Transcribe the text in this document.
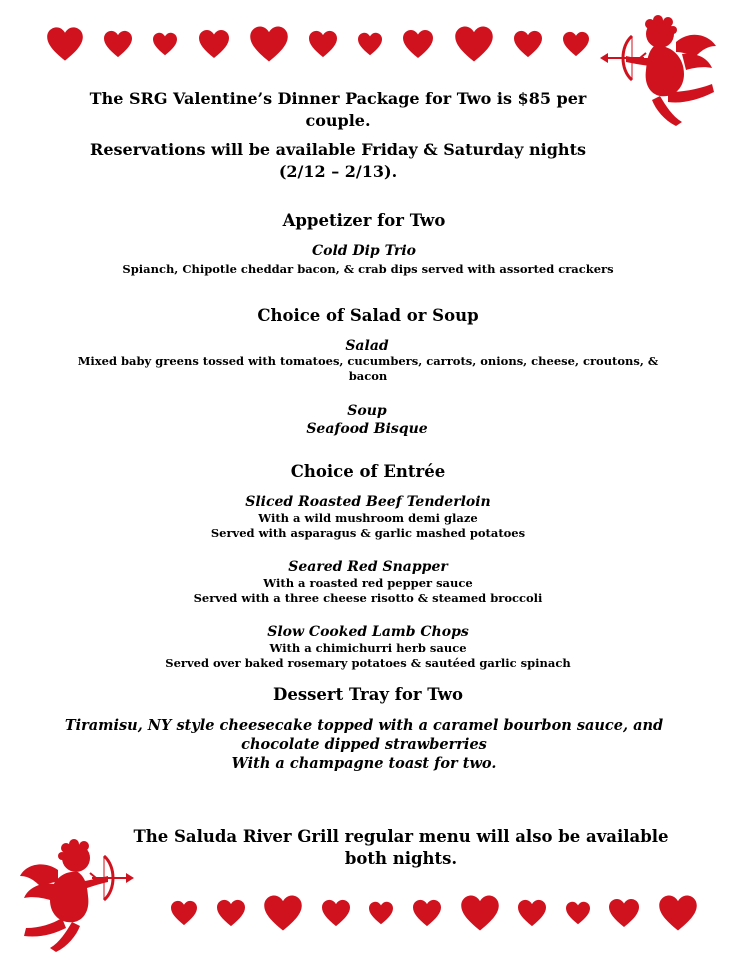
The SRG Valentine’s Dinner Package for Two is $85 per
couple.
Reservations will be available Friday & Saturday nights
(2/12 – 2/13).
Appetizer for Two
Cold Dip Trio
Spianch, Chipotle cheddar bacon, & crab dips served with assorted crackers
Choice of Salad or Soup
Salad
Mixed baby greens tossed with tomatoes, cucumbers, carrots, onions, cheese, croutons, &
bacon
Soup
Seafood Bisque
Choice of Entrée
Sliced Roasted Beef Tenderloin
With a wild mushroom demi glaze
Served with asparagus & garlic mashed potatoes
Seared Red Snapper
With a roasted red pepper sauce
Served with a three cheese risotto & steamed broccoli
Slow Cooked Lamb Chops
With a chimichurri herb sauce
Served over baked rosemary potatoes & sautéed garlic spinach
Dessert Tray for Two
Tiramisu, NY style cheesecake topped with a caramel bourbon sauce, and
chocolate dipped strawberries
With a champagne toast for two.
The Saluda River Grill regular menu will also be available
both nights.
